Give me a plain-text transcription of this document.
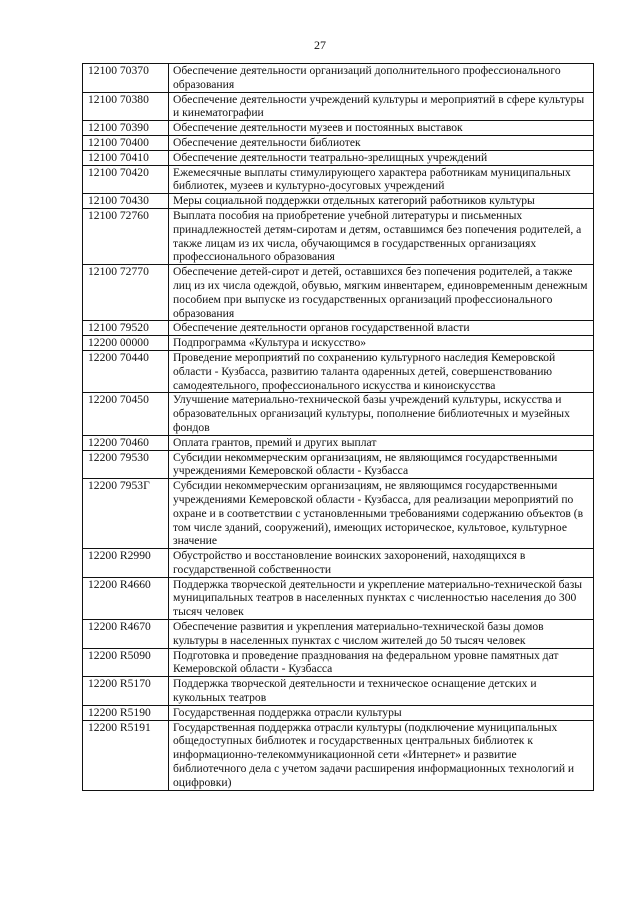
27
12100 70370	Обеспечение деятельности организаций дополнительного профессионального образования
12100 70380	Обеспечение деятельности учреждений культуры и мероприятий в сфере культуры и кинематографии
12100 70390	Обеспечение деятельности музеев и постоянных выставок
12100 70400	Обеспечение деятельности библиотек
12100 70410	Обеспечение деятельности театрально-зрелищных учреждений
12100 70420	Ежемесячные выплаты стимулирующего характера работникам муниципальных библиотек, музеев и культурно-досуговых учреждений
12100 70430	Меры социальной поддержки отдельных категорий работников культуры
12100 72760	Выплата пособия на приобретение учебной литературы и письменных принадлежностей детям-сиротам и детям, оставшимся без попечения родителей, а также лицам из их числа, обучающимся в государственных организациях профессионального образования
12100 72770	Обеспечение детей-сирот и детей, оставшихся без попечения родителей, а также лиц из их числа одеждой, обувью, мягким инвентарем, единовременным денежным пособием при выпуске из государственных организаций профессионального образования
12100 79520	Обеспечение деятельности органов государственной власти
12200 00000	Подпрограмма «Культура и искусство»
12200 70440	Проведение мероприятий по сохранению культурного наследия Кемеровской области - Кузбасса, развитию таланта одаренных детей, совершенствованию самодеятельного, профессионального искусства и киноискусства
12200 70450	Улучшение материально-технической базы учреждений культуры, искусства и образовательных организаций культуры, пополнение библиотечных и музейных фондов
12200 70460	Оплата грантов, премий и других выплат
12200 79530	Субсидии некоммерческим организациям, не являющимся государственными учреждениями Кемеровской области - Кузбасса
12200 7953Г	Субсидии некоммерческим организациям, не являющимся государственными учреждениями Кемеровской области - Кузбасса, для реализации мероприятий по охране и в соответствии с установленными требованиями содержанию объектов (в том числе зданий, сооружений), имеющих историческое, культовое, культурное значение
12200 R2990	Обустройство и восстановление воинских захоронений, находящихся в государственной собственности
12200 R4660	Поддержка творческой деятельности и укрепление материально-технической базы муниципальных театров в населенных пунктах с численностью населения до 300 тысяч человек
12200 R4670	Обеспечение развития и укрепления материально-технической базы домов культуры в населенных пунктах с числом жителей до 50 тысяч человек
12200 R5090	Подготовка и проведение празднования на федеральном уровне памятных дат Кемеровской области - Кузбасса
12200 R5170	Поддержка творческой деятельности и техническое оснащение детских и кукольных театров
12200 R5190	Государственная поддержка отрасли культуры
12200 R5191	Государственная поддержка отрасли культуры (подключение муниципальных общедоступных библиотек и государственных центральных библиотек к информационно-телекоммуникационной сети «Интернет» и развитие библиотечного дела с учетом задачи расширения информационных технологий и оцифровки)
